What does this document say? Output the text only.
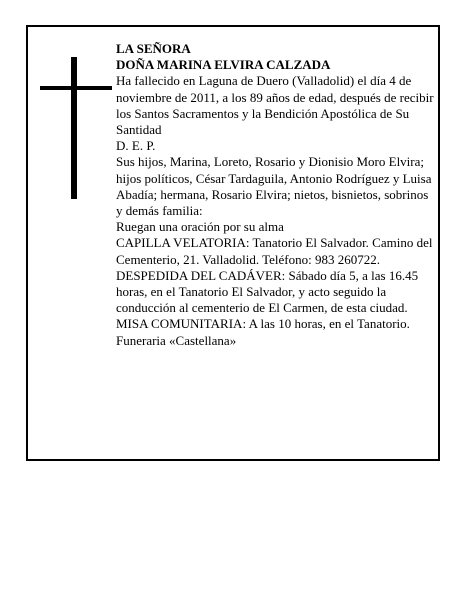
LA SEÑORA

DOÑA MARINA ELVIRA CALZADA

Ha fallecido en Laguna de Duero (Valladolid) el día 4 de noviembre de 2011, a los 89 años de edad, después de recibir los Santos Sacramentos y la Bendición Apostólica de Su Santidad

D. E. P.

Sus hijos, Marina, Loreto, Rosario y Dionisio Moro Elvira; hijos políticos, César Tardaguila, Antonio Rodríguez y Luisa Abadía; hermana, Rosario Elvira; nietos, bisnietos, sobrinos y demás familia:

Ruegan una oración por su alma

CAPILLA VELATORIA: Tanatorio El Salvador. Camino del Cementerio, 21. Valladolid. Teléfono: 983 260722.

DESPEDIDA DEL CADÁVER: Sábado día 5, a las 16.45 horas, en el Tanatorio El Salvador, y acto seguido la conducción al cementerio de El Carmen, de esta ciudad.

MISA COMUNITARIA: A las 10 horas, en el Tanatorio.

Funeraria «Castellana»
